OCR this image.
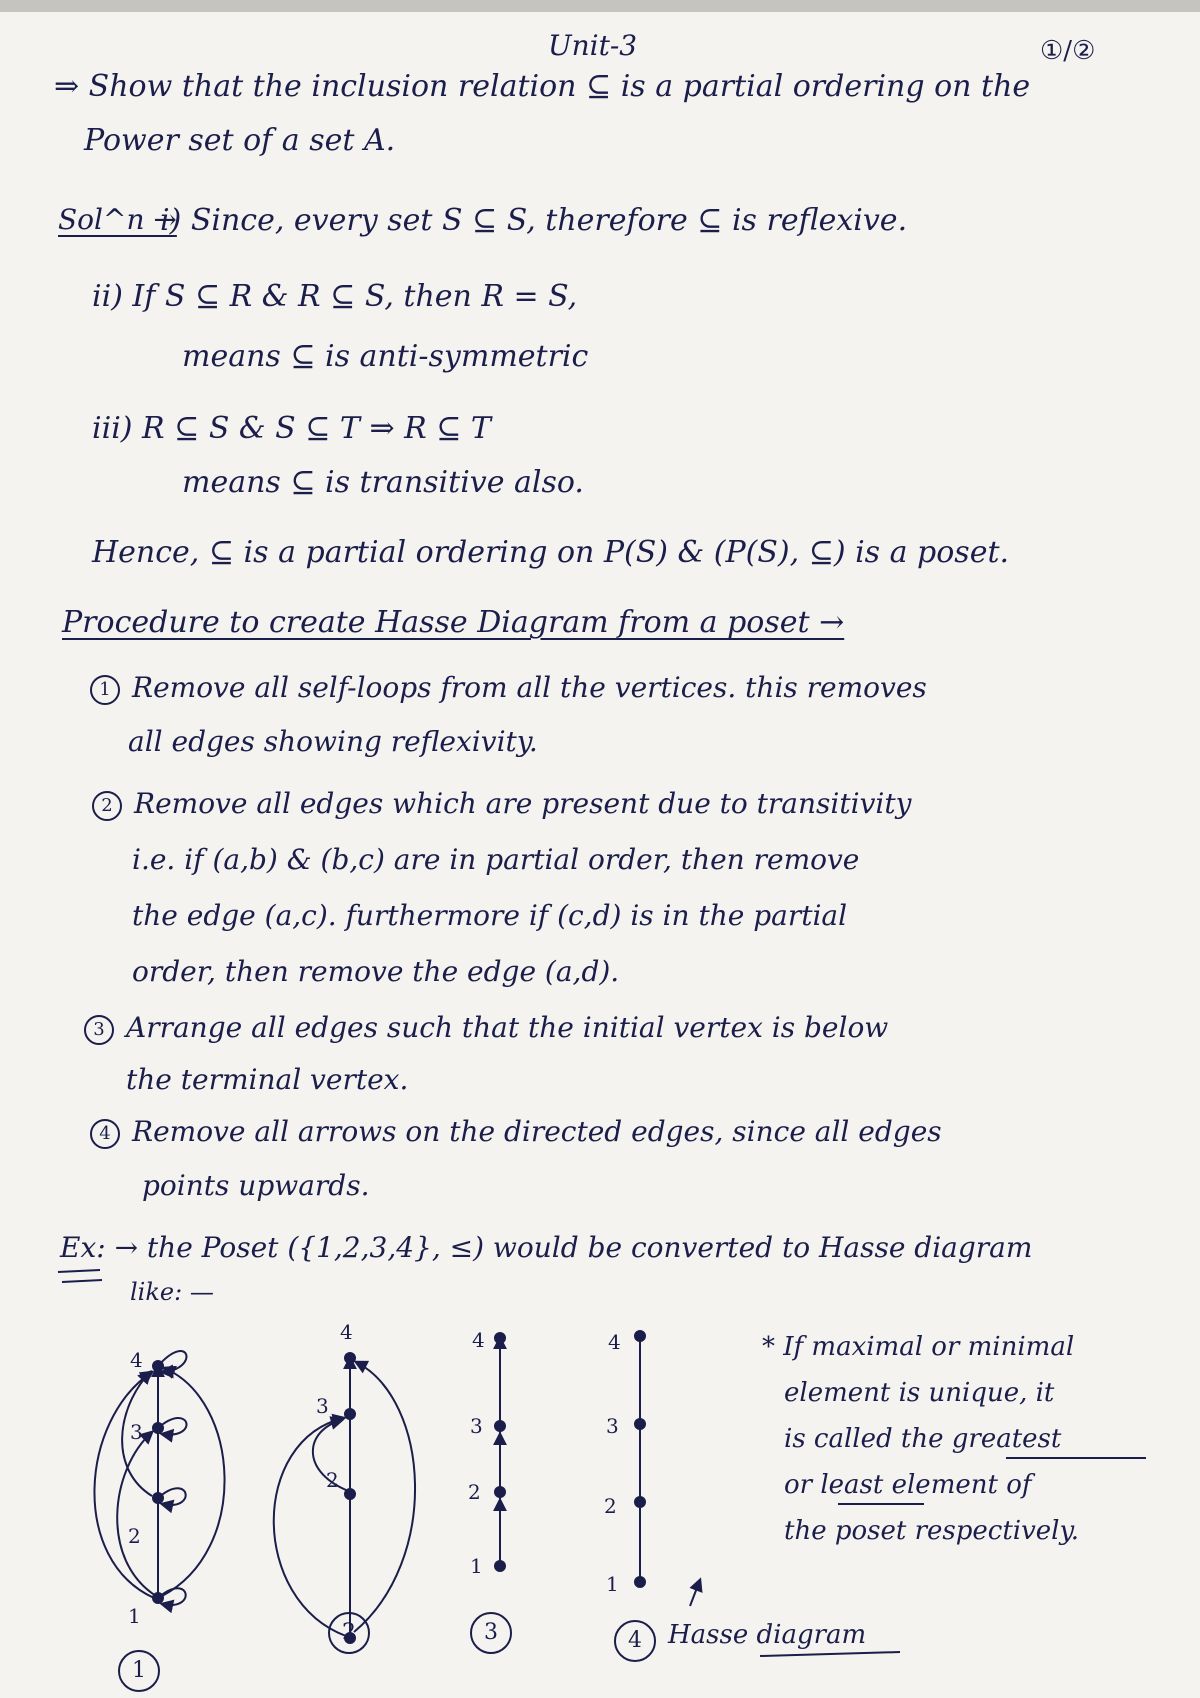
Unit-3	①/②
⇒ Show that the inclusion relation ⊆ is a partial ordering on the
Power set of a set A.
Sol^n →
i) Since, every set S ⊆ S, therefore ⊆ is reflexive.
ii) If S ⊆ R & R ⊆ S, then R = S,
means ⊆ is anti-symmetric
iii) R ⊆ S & S ⊆ T ⇒ R ⊆ T
means ⊆ is transitive also.
Hence, ⊆ is a partial ordering on P(S) & (P(S), ⊆) is a poset.
Procedure to create Hasse Diagram from a poset →
1 Remove all self-loops from all the vertices. this removes
all edges showing reflexivity.
2 Remove all edges which are present due to transitivity
i.e. if (a,b) & (b,c) are in partial order, then remove
the edge (a,c). furthermore if (c,d) is in the partial
order, then remove the edge (a,d).
3 Arrange all edges such that the initial vertex is below
the terminal vertex.
4 Remove all arrows on the directed edges, since all edges
points upwards.
Ex: → the Poset ({1,2,3,4}, ≤) would be converted to Hasse diagram
like: —
* If maximal or minimal
element is unique, it
is called the greatest
or least element of
the poset respectively.
4
3
2
1
4
3
2
4
3
2
1
4
3
2
1
1
2	3	4	Hasse diagram
